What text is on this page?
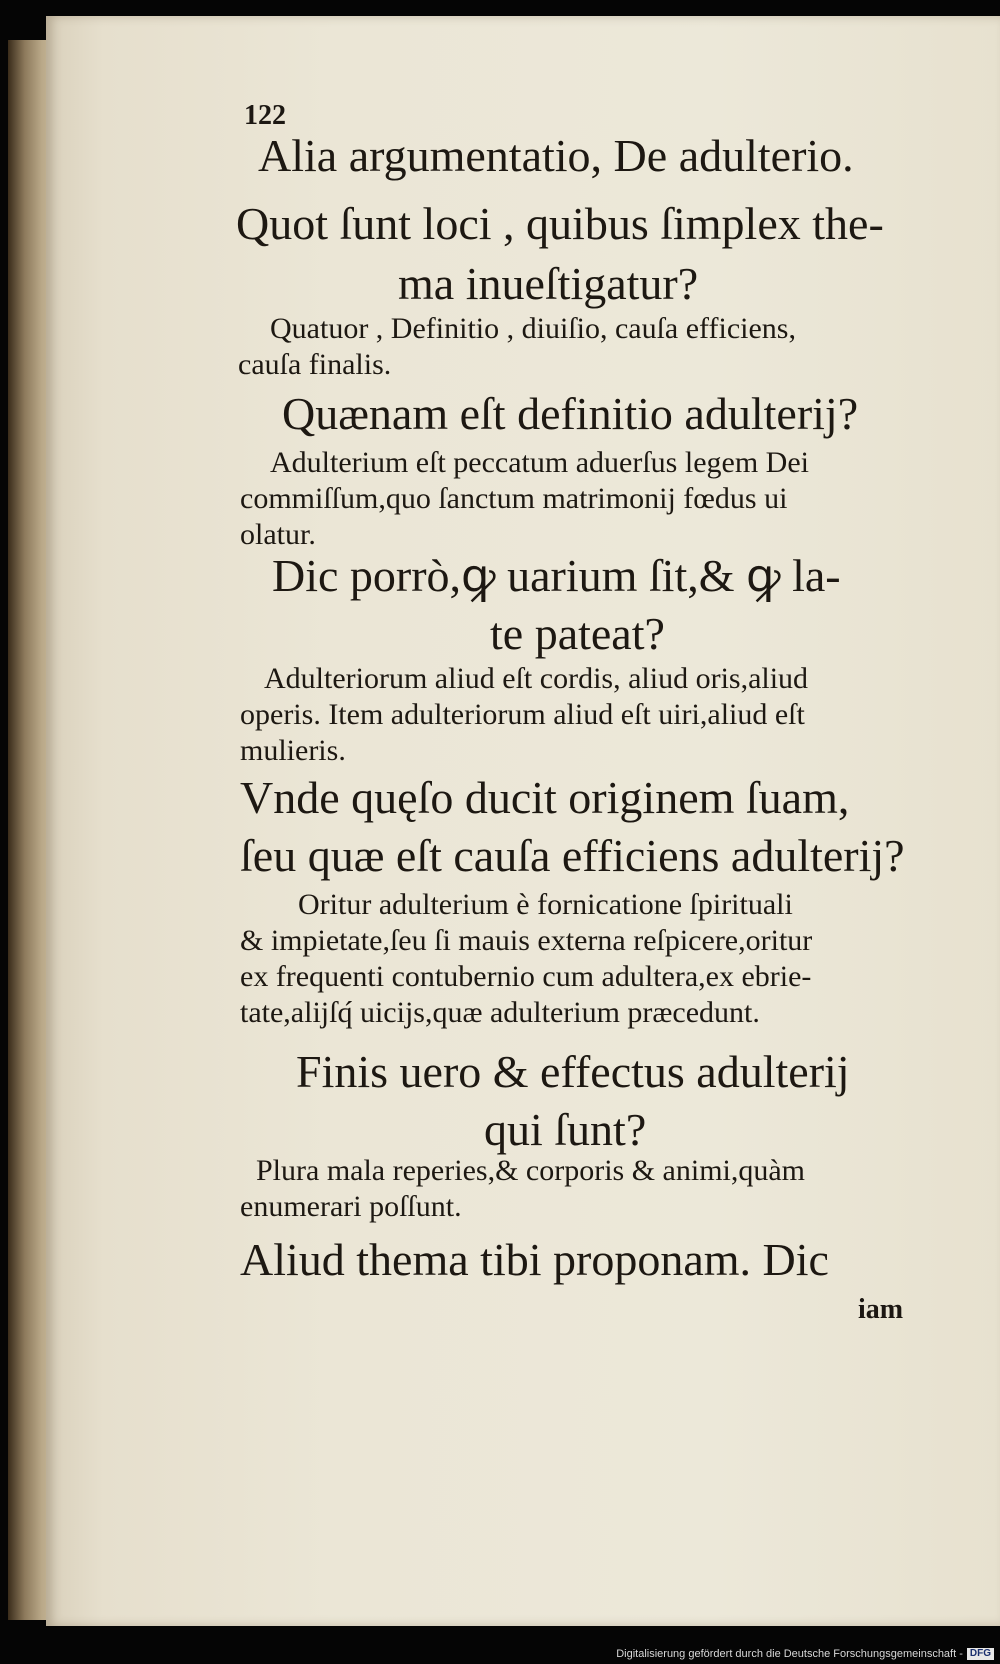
122
Alia argumentatio, De adulterio.
Quot ſunt loci , quibus ſimplex the-
ma inueſtigatur?
Quatuor , Definitio , diuiſio, cauſa efficiens,
cauſa finalis.
Quænam eſt definitio adulterij?
Adulterium eſt peccatum aduerſus legem Dei
commiſſum,quo ſanctum matrimonij fœdus ui
olatur.
Dic porrò,ꝙ uarium ſit,& ꝙ la-
te pateat?
Adulteriorum aliud eſt cordis, aliud oris,aliud
operis. Item adulteriorum aliud eſt uiri,aliud eſt
mulieris.
Vnde quęſo ducit originem ſuam,
ſeu quæ eſt cauſa efficiens adulterij?
Oritur adulterium è fornicatione ſpirituali
& impietate,ſeu ſi mauis externa reſpicere,oritur
ex frequenti contubernio cum adultera,ex ebrie-
tate,alijſq́ uicijs,quæ adulterium præcedunt.
Finis uero & effectus adulterij
qui ſunt?
Plura mala reperies,& corporis & animi,quàm
enumerari poſſunt.
Aliud thema tibi proponam. Dic
iam
Digitalisierung gefördert durch die Deutsche Forschungsgemeinschaft - DFG
